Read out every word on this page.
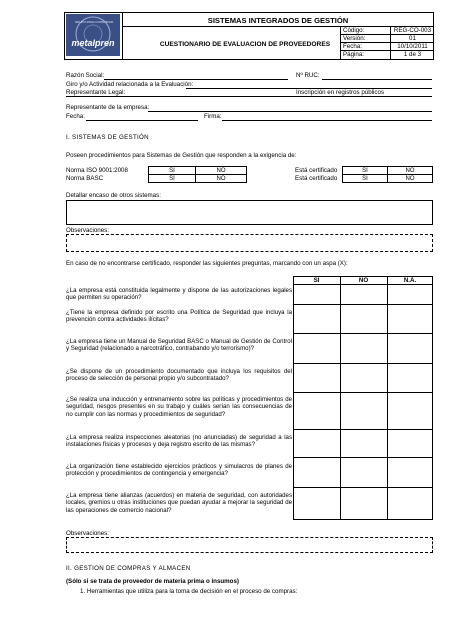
GRUPO PARA CONSTRUIR
metalpren
SISTEMAS INTEGRADOS DE GESTIÓN
CUESTIONARIO DE EVALUACION DE PROVEEDORES
Código:	REG-CO-003
Versión:	01
Fecha:	10/10/2011
Página:	1 de 3
Razón Social:	Nº RUC:
Giro y/o Actividad relacionada a la Evaluación:
Representante Legal:	Inscripción en registros públicos
Representante de la empresa:
Fecha:	Firma:
I. SISTEMAS DE GESTIÓN
Poseen procedimientos para Sistemas de Gestión que responden a la exigencia de:
Norma ISO 9001:2008	SI	NO	Está certificado	SI	NO
Norma BASC	SI	NO	Está certificado	SI	NO
Detallar encaso de otros sistemas:
Observaciones:
En caso de no encontrarse certificado, responder las siguientes preguntas, marcando con un aspa (X):
SI	NO	N.A.
¿La empresa está constituida legalmente y dispone de las autorizaciones legales que permiten su operación?
¿Tiene la empresa definido por escrito una Política de Seguridad que incluya la prevención contra actividades ilícitas?
¿La empresa tiene un Manual de Seguridad BASC o Manual de Gestión de Control y Seguridad (relacionado a narcotráfico, contrabando y/o terrorismo)?
¿Se dispone de un procedimiento documentado que incluya los requisitos del proceso de selección de personal propio y/o subcontratado?
¿Se realiza una inducción y entrenamiento sobre las políticas y procedimientos de seguridad, riesgos presentes en su trabajo y cuáles serían las consecuencias de no cumplir con las normas y procedimientos de seguridad?
¿La empresa realiza inspecciones aleatorias (no anunciadas) de seguridad a las instalaciones físicas y procesos y deja registro escrito de las mismas?
¿La organización tiene establecido ejercicios prácticos y simulacros de planes de protección y procedimientos de contingencia y emergencia?
¿La empresa tiene alianzas (acuerdos) en materia de seguridad, con autoridades locales, gremios u otras instituciones que puedan ayudar a mejorar la seguridad de las operaciones de comercio nacional?
Observaciones:
II. GESTION DE COMPRAS Y ALMACEN
(Sólo si se trata de proveedor de materia prima o insumos)
1. Herramientas que utiliza para la toma de decisión en el proceso de compras:
